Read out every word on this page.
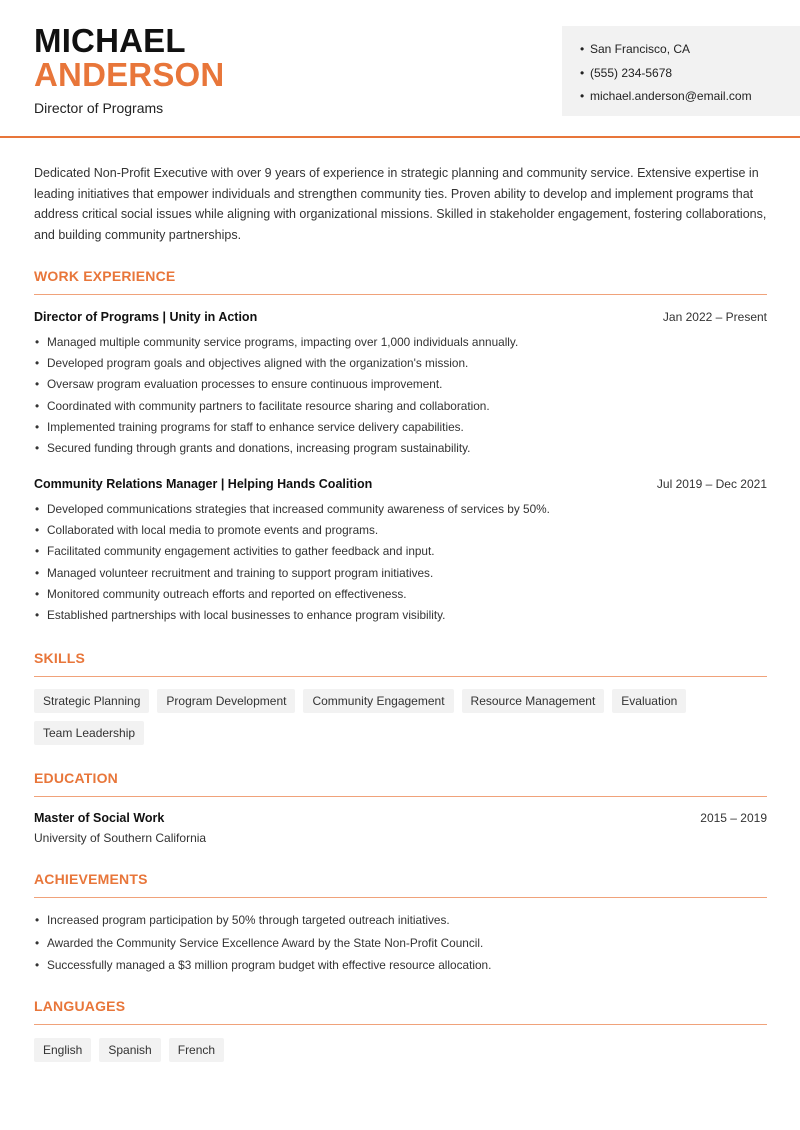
MICHAEL
ANDERSON
Director of Programs
• San Francisco, CA
• (555) 234-5678
• michael.anderson@email.com

Dedicated Non-Profit Executive with over 9 years of experience in strategic planning and community service. Extensive expertise in leading initiatives that empower individuals and strengthen community ties. Proven ability to develop and implement programs that address critical social issues while aligning with organizational missions. Skilled in stakeholder engagement, fostering collaborations, and building community partnerships.

WORK EXPERIENCE
Director of Programs | Unity in Action	Jan 2022 – Present
• Managed multiple community service programs, impacting over 1,000 individuals annually.
• Developed program goals and objectives aligned with the organization's mission.
• Oversaw program evaluation processes to ensure continuous improvement.
• Coordinated with community partners to facilitate resource sharing and collaboration.
• Implemented training programs for staff to enhance service delivery capabilities.
• Secured funding through grants and donations, increasing program sustainability.
Community Relations Manager | Helping Hands Coalition	Jul 2019 – Dec 2021
• Developed communications strategies that increased community awareness of services by 50%.
• Collaborated with local media to promote events and programs.
• Facilitated community engagement activities to gather feedback and input.
• Managed volunteer recruitment and training to support program initiatives.
• Monitored community outreach efforts and reported on effectiveness.
• Established partnerships with local businesses to enhance program visibility.
SKILLS
Strategic Planning	Program Development	Community Engagement	Resource Management	Evaluation
Team Leadership
EDUCATION
Master of Social Work
University of Southern California
2015 – 2019
ACHIEVEMENTS
• Increased program participation by 50% through targeted outreach initiatives.
• Awarded the Community Service Excellence Award by the State Non-Profit Council.
• Successfully managed a $3 million program budget with effective resource allocation.
LANGUAGES
English	Spanish	French
